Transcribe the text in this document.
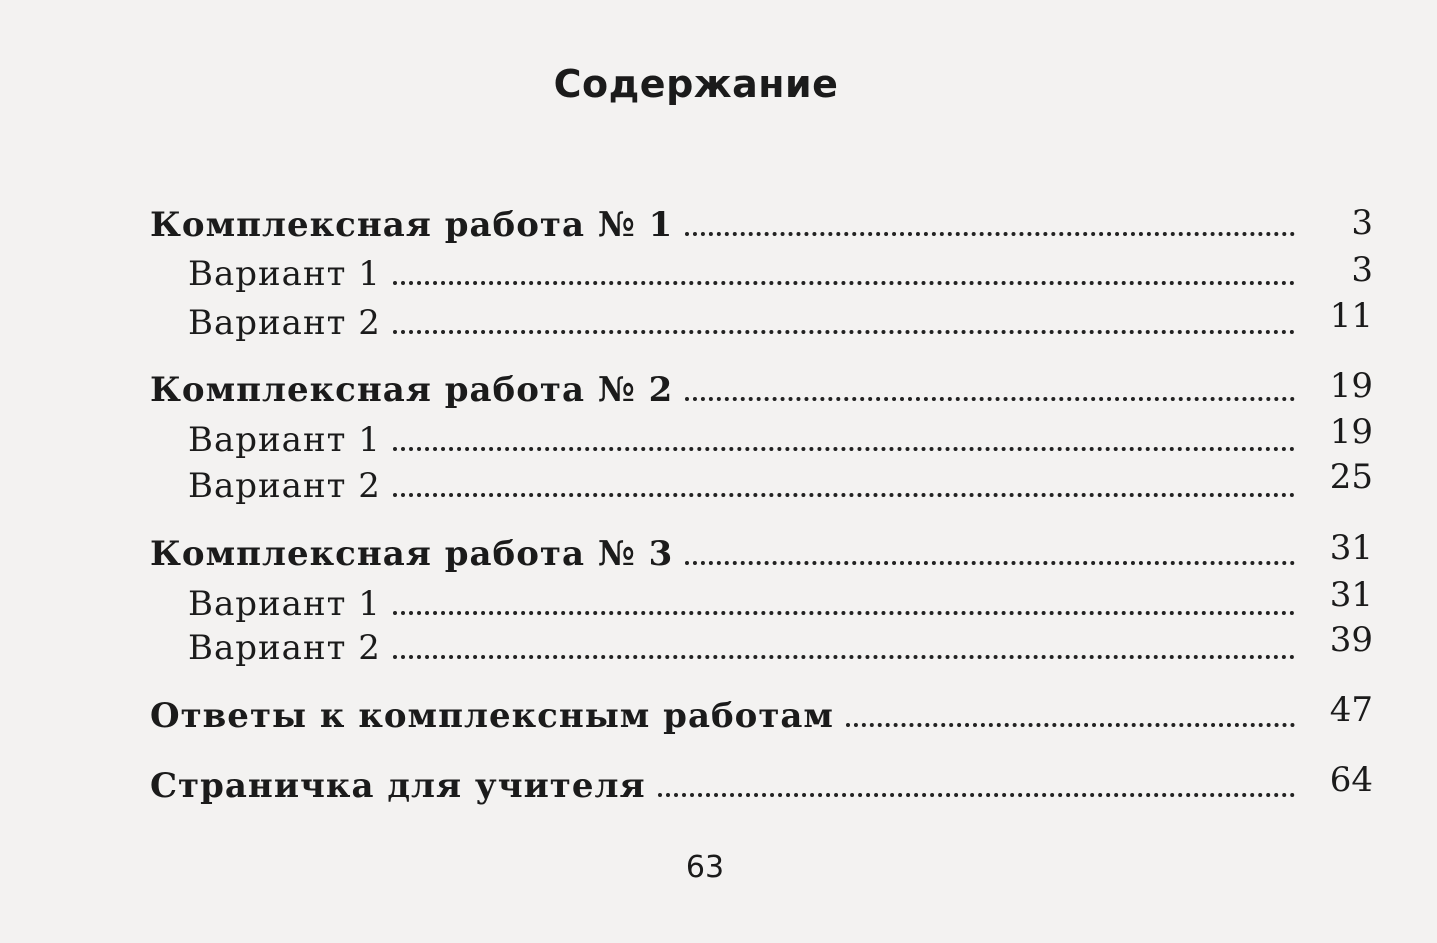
Содержание
Комплексная работа № 1	3
Вариант 1	3
Вариант 2	11
Комплексная работа № 2	19
Вариант 1	19
Вариант 2	25
Комплексная работа № 3	31
Вариант 1	31
Вариант 2	39
Ответы к комплексным работам	47
Страничка для учителя	64
63
